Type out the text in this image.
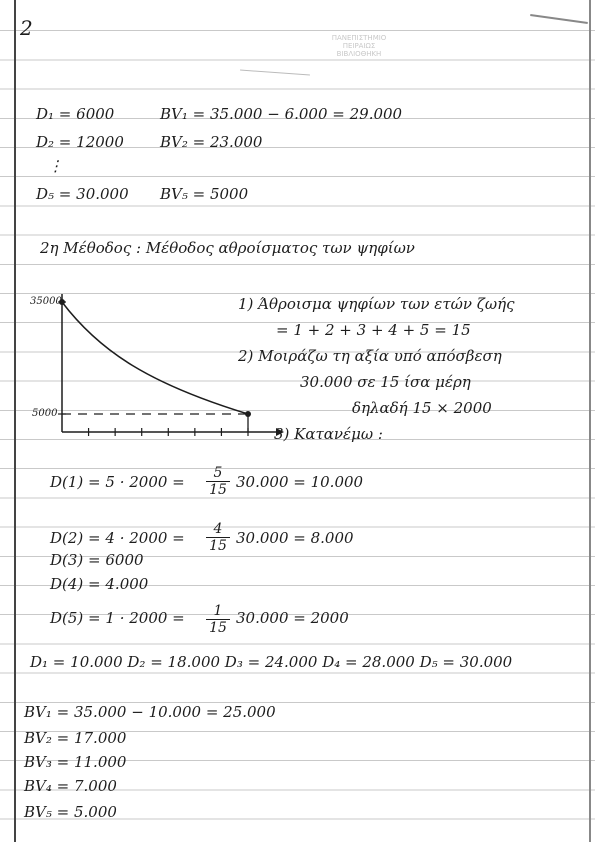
2	ΠΑΝΕΠΙΣΤΗΜΙΟ
ΠΕΙΡΑΙΩΣ
ΒΙΒΛΙΟΘΗΚΗ
D₁ = 6000	BV₁ = 35.000 − 6.000 = 29.000
D₂ = 12000 BV₂ = 23.000
⋮
D₅ = 30.000 BV₅ = 5000
2η Μέθοδος : Μέθοδος αθροίσματος των ψηφίων
35000
5000
1) Άθροισμα ψηφίων των ετών ζωής
= 1 + 2 + 3 + 4 + 5 = 15
2) Μοιράζω τη αξία υπό απόσβεση
30.000 σε 15 ίσα μέρη
δηλαδή 15 × 2000
3) Κατανέμω :
$D(1) = 5 \cdot 2000 = \frac{5}{15} 30.000 = 10.000$
$D(2) = 4 \cdot 2000 = \frac{4}{15} 30.000 = 8.000$
D(3) = 6000
D(4) = 4.000
$D(5) = 1 \cdot 2000 = \frac{1}{15} 30.000 = 2000$
D₁ = 10.000 D₂ = 18.000 D₃ = 24.000 D₄ = 28.000 D₅ = 30.000
BV₁ = 35.000 − 10.000 = 25.000
BV₂ = 17.000
BV₃ = 11.000
BV₄ = 7.000
BV₅ = 5.000
